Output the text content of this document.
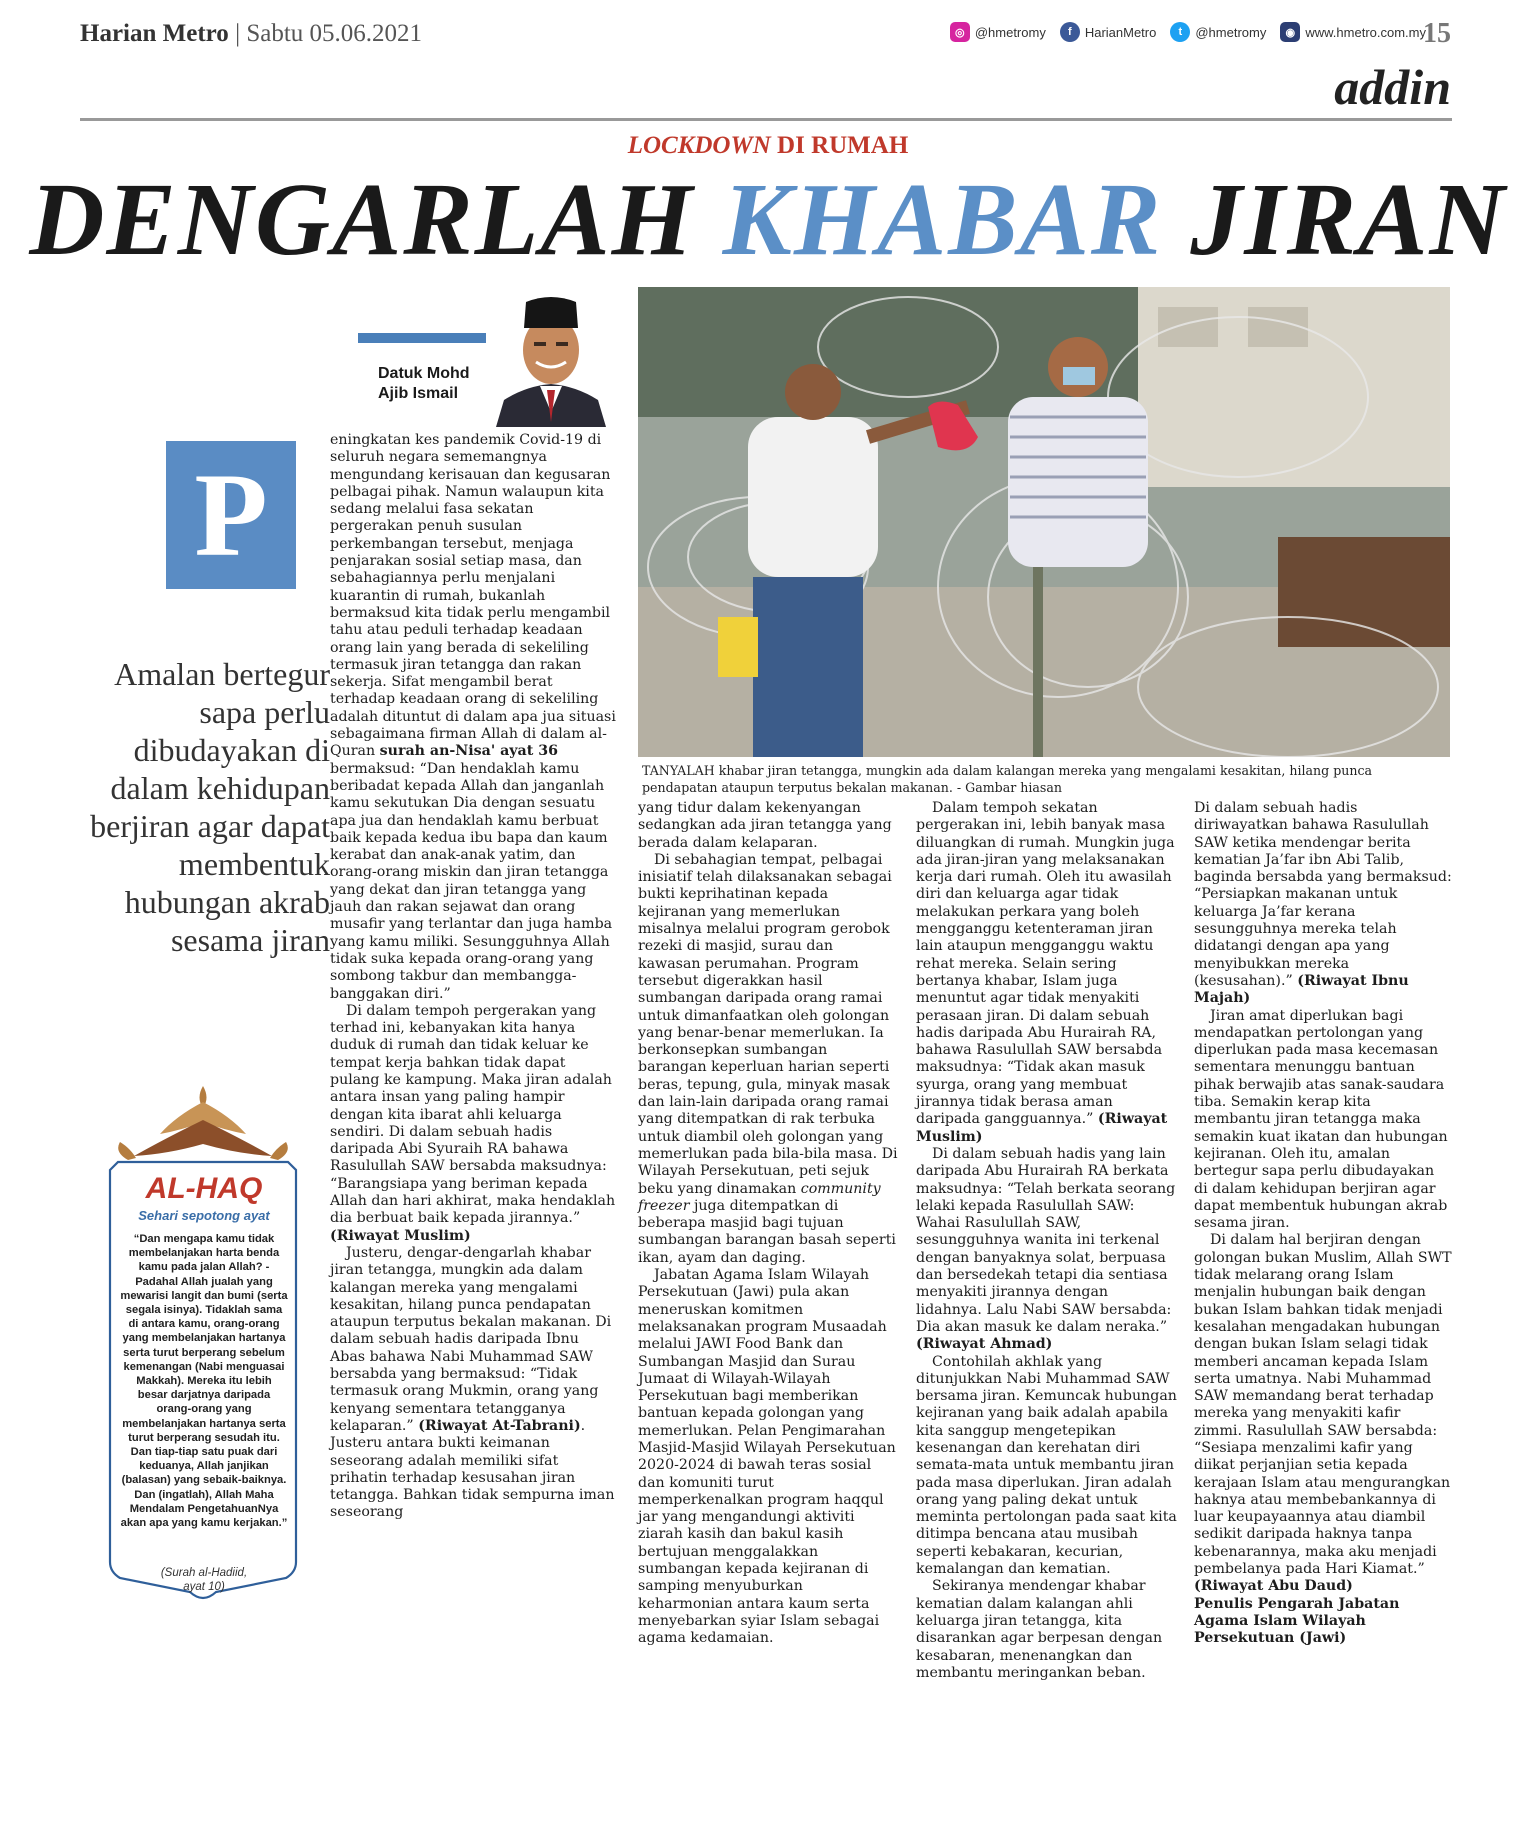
Harian Metro | Sabtu 05.06.2021	◎ @hmetromy	f	HarianMetro	t	@hmetromy	◉ www.hmetro.com.my
15
addin
LOCKDOWN DI RUMAH
DENGARLAH KHABAR JIRAN
Datuk Mohd
Ajib Ismail
P
Amalan bertegur sapa perlu dibudayakan di dalam kehidupan berjiran agar dapat membentuk hubungan akrab sesama jiran
AL-HAQ
Sehari sepotong ayat
“Dan mengapa kamu tidak membelanjakan harta benda kamu pada jalan Allah? - Padahal Allah jualah yang mewarisi langit dan bumi (serta segala isinya). Tidaklah sama di antara kamu, orang-orang yang membelanjakan hartanya serta turut berperang sebelum kemenangan (Nabi menguasai Makkah). Mereka itu lebih besar darjatnya daripada orang-orang yang membelanjakan hartanya serta turut berperang sesudah itu. Dan tiap-tiap satu puak dari keduanya, Allah janjikan (balasan) yang sebaik-baiknya. Dan (ingatlah), Allah Maha Mendalam PengetahuanNya akan apa yang kamu kerjakan.”
(Surah al-Hadiid,
ayat 10)
TANYALAH khabar jiran tetangga, mungkin ada dalam kalangan mereka yang mengalami kesakitan, hilang punca pendapatan ataupun terputus bekalan makanan. - Gambar hiasan

eningkatan kes pandemik Covid-19 di seluruh negara sememangnya mengundang kerisauan dan kegusaran pelbagai pihak. Namun walaupun kita sedang melalui fasa sekatan pergerakan penuh susulan perkembangan tersebut, menjaga penjarakan sosial setiap masa, dan sebahagiannya perlu menjalani kuarantin di rumah, bukanlah bermaksud kita tidak perlu mengambil tahu atau peduli terhadap keadaan orang lain yang berada di sekeliling termasuk jiran tetangga dan rakan sekerja. Sifat mengambil berat terhadap keadaan orang di sekeliling adalah dituntut di dalam apa jua situasi sebagaimana firman Allah di dalam al-Quran surah an-Nisa' ayat 36 bermaksud: “Dan hendaklah kamu beribadat kepada Allah dan janganlah kamu sekutukan Dia dengan sesuatu apa jua dan hendaklah kamu berbuat baik kepada kedua ibu bapa dan kaum kerabat dan anak-anak yatim, dan orang-orang miskin dan jiran tetangga yang dekat dan jiran tetangga yang jauh dan rakan sejawat dan orang musafir yang terlantar dan juga hamba yang kamu miliki. Sesungguhnya Allah tidak suka kepada orang-orang yang sombong takbur dan membangga-banggakan diri.”

Di dalam tempoh pergerakan yang terhad ini, kebanyakan kita hanya duduk di rumah dan tidak keluar ke tempat kerja bahkan tidak dapat pulang ke kampung. Maka jiran adalah antara insan yang paling hampir dengan kita ibarat ahli keluarga sendiri. Di dalam sebuah hadis daripada Abi Syuraih RA bahawa Rasulullah SAW bersabda maksudnya: “Barangsiapa yang beriman kepada Allah dan hari akhirat, maka hendaklah dia berbuat baik kepada jirannya.” (Riwayat Muslim)

Justeru, dengar-dengarlah khabar jiran tetangga, mungkin ada dalam kalangan mereka yang mengalami kesakitan, hilang punca pendapatan ataupun terputus bekalan makanan. Di dalam sebuah hadis daripada Ibnu Abas bahawa Nabi Muhammad SAW bersabda yang bermaksud: “Tidak termasuk orang Mukmin, orang yang kenyang sementara tetangganya kelaparan.” (Riwayat At-Tabrani). Justeru antara bukti keimanan seseorang adalah memiliki sifat prihatin terhadap kesusahan jiran tetangga. Bahkan tidak sempurna iman seseorang

yang tidur dalam kekenyangan sedangkan ada jiran tetangga yang berada dalam kelaparan.

Di sebahagian tempat, pelbagai inisiatif telah dilaksanakan sebagai bukti keprihatinan kepada kejiranan yang memerlukan misalnya melalui program gerobok rezeki di masjid, surau dan kawasan perumahan. Program tersebut digerakkan hasil sumbangan daripada orang ramai untuk dimanfaatkan oleh golongan yang benar-benar memerlukan. Ia berkonsepkan sumbangan barangan keperluan harian seperti beras, tepung, gula, minyak masak dan lain-lain daripada orang ramai yang ditempatkan di rak terbuka untuk diambil oleh golongan yang memerlukan pada bila-bila masa. Di Wilayah Persekutuan, peti sejuk beku yang dinamakan community freezer juga ditempatkan di beberapa masjid bagi tujuan sumbangan barangan basah seperti ikan, ayam dan daging.

Jabatan Agama Islam Wilayah Persekutuan (Jawi) pula akan meneruskan komitmen melaksanakan program Musaadah melalui JAWI Food Bank dan Sumbangan Masjid dan Surau Jumaat di Wilayah-Wilayah Persekutuan bagi memberikan bantuan kepada golongan yang memerlukan. Pelan Pengimarahan Masjid-Masjid Wilayah Persekutuan 2020-2024 di bawah teras sosial dan komuniti turut memperkenalkan program haqqul jar yang mengandungi aktiviti ziarah kasih dan bakul kasih bertujuan menggalakkan sumbangan kepada kejiranan di samping menyuburkan keharmonian antara kaum serta menyebarkan syiar Islam sebagai agama kedamaian.

Dalam tempoh sekatan pergerakan ini, lebih banyak masa diluangkan di rumah. Mungkin juga ada jiran-jiran yang melaksanakan kerja dari rumah. Oleh itu awasilah diri dan keluarga agar tidak melakukan perkara yang boleh mengganggu ketenteraman jiran lain ataupun mengganggu waktu rehat mereka. Selain sering bertanya khabar, Islam juga menuntut agar tidak menyakiti perasaan jiran. Di dalam sebuah hadis daripada Abu Hurairah RA, bahawa Rasulullah SAW bersabda maksudnya: “Tidak akan masuk syurga, orang yang membuat jirannya tidak berasa aman daripada gangguannya.” (Riwayat Muslim)

Di dalam sebuah hadis yang lain daripada Abu Hurairah RA berkata maksudnya: “Telah berkata seorang lelaki kepada Rasulullah SAW: Wahai Rasulullah SAW, sesungguhnya wanita ini terkenal dengan banyaknya solat, berpuasa dan bersedekah tetapi dia sentiasa menyakiti jirannya dengan lidahnya. Lalu Nabi SAW bersabda: Dia akan masuk ke dalam neraka.” (Riwayat Ahmad)

Contohilah akhlak yang ditunjukkan Nabi Muhammad SAW bersama jiran. Kemuncak hubungan kejiranan yang baik adalah apabila kita sanggup mengetepikan kesenangan dan kerehatan diri semata-mata untuk membantu jiran pada masa diperlukan. Jiran adalah orang yang paling dekat untuk meminta pertolongan pada saat kita ditimpa bencana atau musibah seperti kebakaran, kecurian, kemalangan dan kematian.

Sekiranya mendengar khabar kematian dalam kalangan ahli keluarga jiran tetangga, kita disarankan agar berpesan dengan kesabaran, menenangkan dan membantu meringankan beban.

Di dalam sebuah hadis diriwayatkan bahawa Rasulullah SAW ketika mendengar berita kematian Ja’far ibn Abi Talib, baginda bersabda yang bermaksud: “Persiapkan makanan untuk keluarga Ja’far kerana sesungguhnya mereka telah didatangi dengan apa yang menyibukkan mereka (kesusahan).” (Riwayat Ibnu Majah)

Jiran amat diperlukan bagi mendapatkan pertolongan yang diperlukan pada masa kecemasan sementara menunggu bantuan pihak berwajib atas sanak-saudara tiba. Semakin kerap kita membantu jiran tetangga maka semakin kuat ikatan dan hubungan kejiranan. Oleh itu, amalan bertegur sapa perlu dibudayakan di dalam kehidupan berjiran agar dapat membentuk hubungan akrab sesama jiran.

Di dalam hal berjiran dengan golongan bukan Muslim, Allah SWT tidak melarang orang Islam menjalin hubungan baik dengan bukan Islam bahkan tidak menjadi kesalahan mengadakan hubungan dengan bukan Islam selagi tidak memberi ancaman kepada Islam serta umatnya. Nabi Muhammad SAW memandang berat terhadap mereka yang menyakiti kafir zimmi. Rasulullah SAW bersabda: “Sesiapa menzalimi kafir yang diikat perjanjian setia kepada kerajaan Islam atau mengurangkan haknya atau membebankannya di luar keupayaannya atau diambil sedikit daripada haknya tanpa kebenarannya, maka aku menjadi pembelanya pada Hari Kiamat.” (Riwayat Abu Daud)

Penulis Pengarah Jabatan Agama Islam Wilayah Persekutuan (Jawi)
